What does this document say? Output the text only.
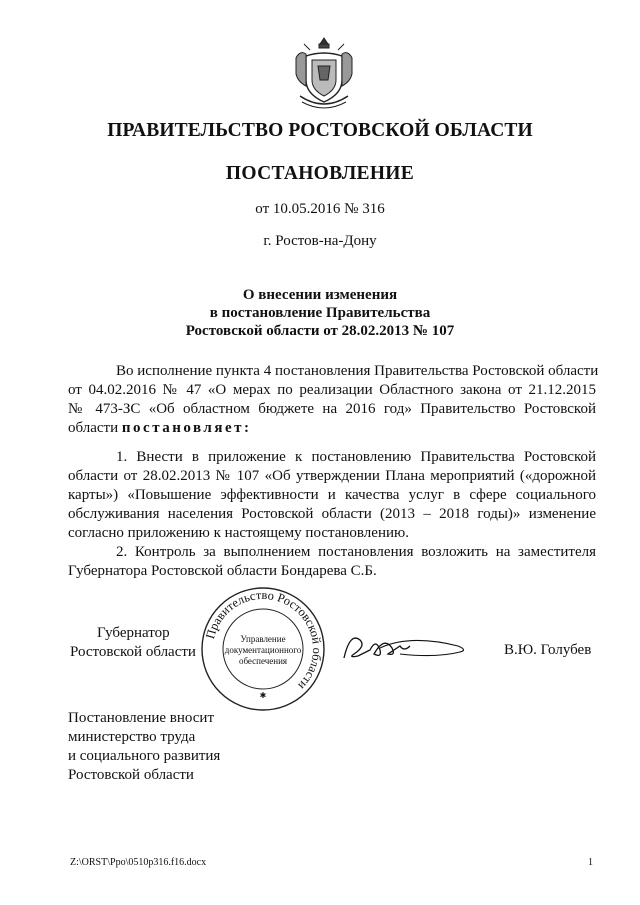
ПРАВИТЕЛЬСТВО РОСТОВСКОЙ ОБЛАСТИ
ПОСТАНОВЛЕНИЕ
от 10.05.2016 № 316
г. Ростов-на-Дону
О внесении изменения
в постановление Правительства
Ростовской области от 28.02.2013 № 107
Во исполнение пункта 4 постановления Правительства Ростовской области
от 04.02.2016 № 47 «О мерах по реализации Областного закона от 21.12.2015
№ 473-ЗС «Об областном бюджете на 2016 год» Правительство Ростовской
области постановляет:
1. Внести в приложение к постановлению Правительства Ростовской
области от 28.02.2013 № 107 «Об утверждении Плана мероприятий («дорожной
карты») «Повышение эффективности и качества услуг в сфере социального
обслуживания населения Ростовской области (2013 – 2018 годы)» изменение
согласно приложению к настоящему постановлению.
2. Контроль за выполнением постановления возложить на заместителя
Губернатора Ростовской области Бондарева С.Б.
Губернатор
Ростовской области
Правительство Ростовской области
Управление
документационного
обеспечения
✱
В.Ю. Голубев
Постановление вносит
министерство труда
и социального развития
Ростовской области
Z:\ORST\Ppo\0510p316.f16.docx	1
